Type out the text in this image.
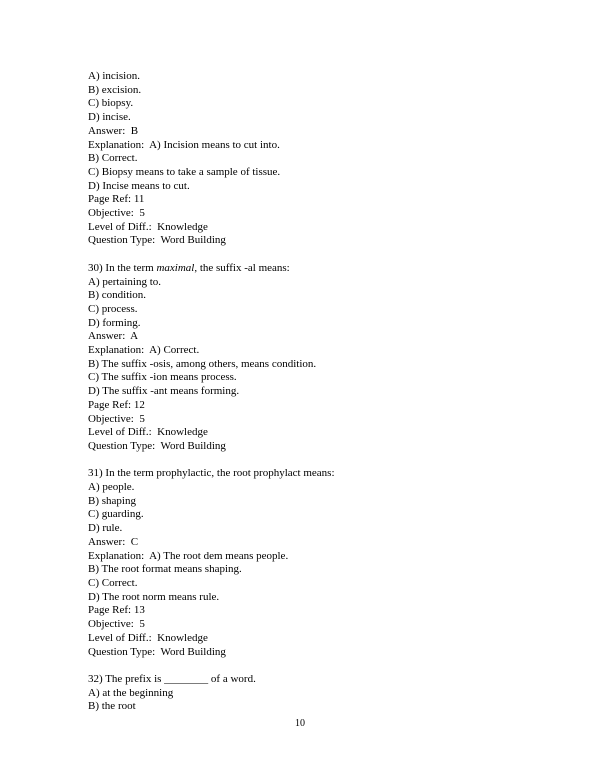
A) incision.
B) excision.
C) biopsy.
D) incise.
Answer:  B
Explanation:  A) Incision means to cut into.
B) Correct.
C) Biopsy means to take a sample of tissue.
D) Incise means to cut.
Page Ref: 11
Objective:  5
Level of Diff.:  Knowledge
Question Type:  Word Building
30) In the term maximal, the suffix -al means:
A) pertaining to.
B) condition.
C) process.
D) forming.
Answer:  A
Explanation:  A) Correct.
B) The suffix -osis, among others, means condition.
C) The suffix -ion means process.
D) The suffix -ant means forming.
Page Ref: 12
Objective:  5
Level of Diff.:  Knowledge
Question Type:  Word Building
31) In the term prophylactic, the root prophylact means:
A) people.
B) shaping
C) guarding.
D) rule.
Answer:  C
Explanation:  A) The root dem means people.
B) The root format means shaping.
C) Correct.
D) The root norm means rule.
Page Ref: 13
Objective:  5
Level of Diff.:  Knowledge
Question Type:  Word Building
32) The prefix is ________ of a word.
A) at the beginning
B) the root
10
